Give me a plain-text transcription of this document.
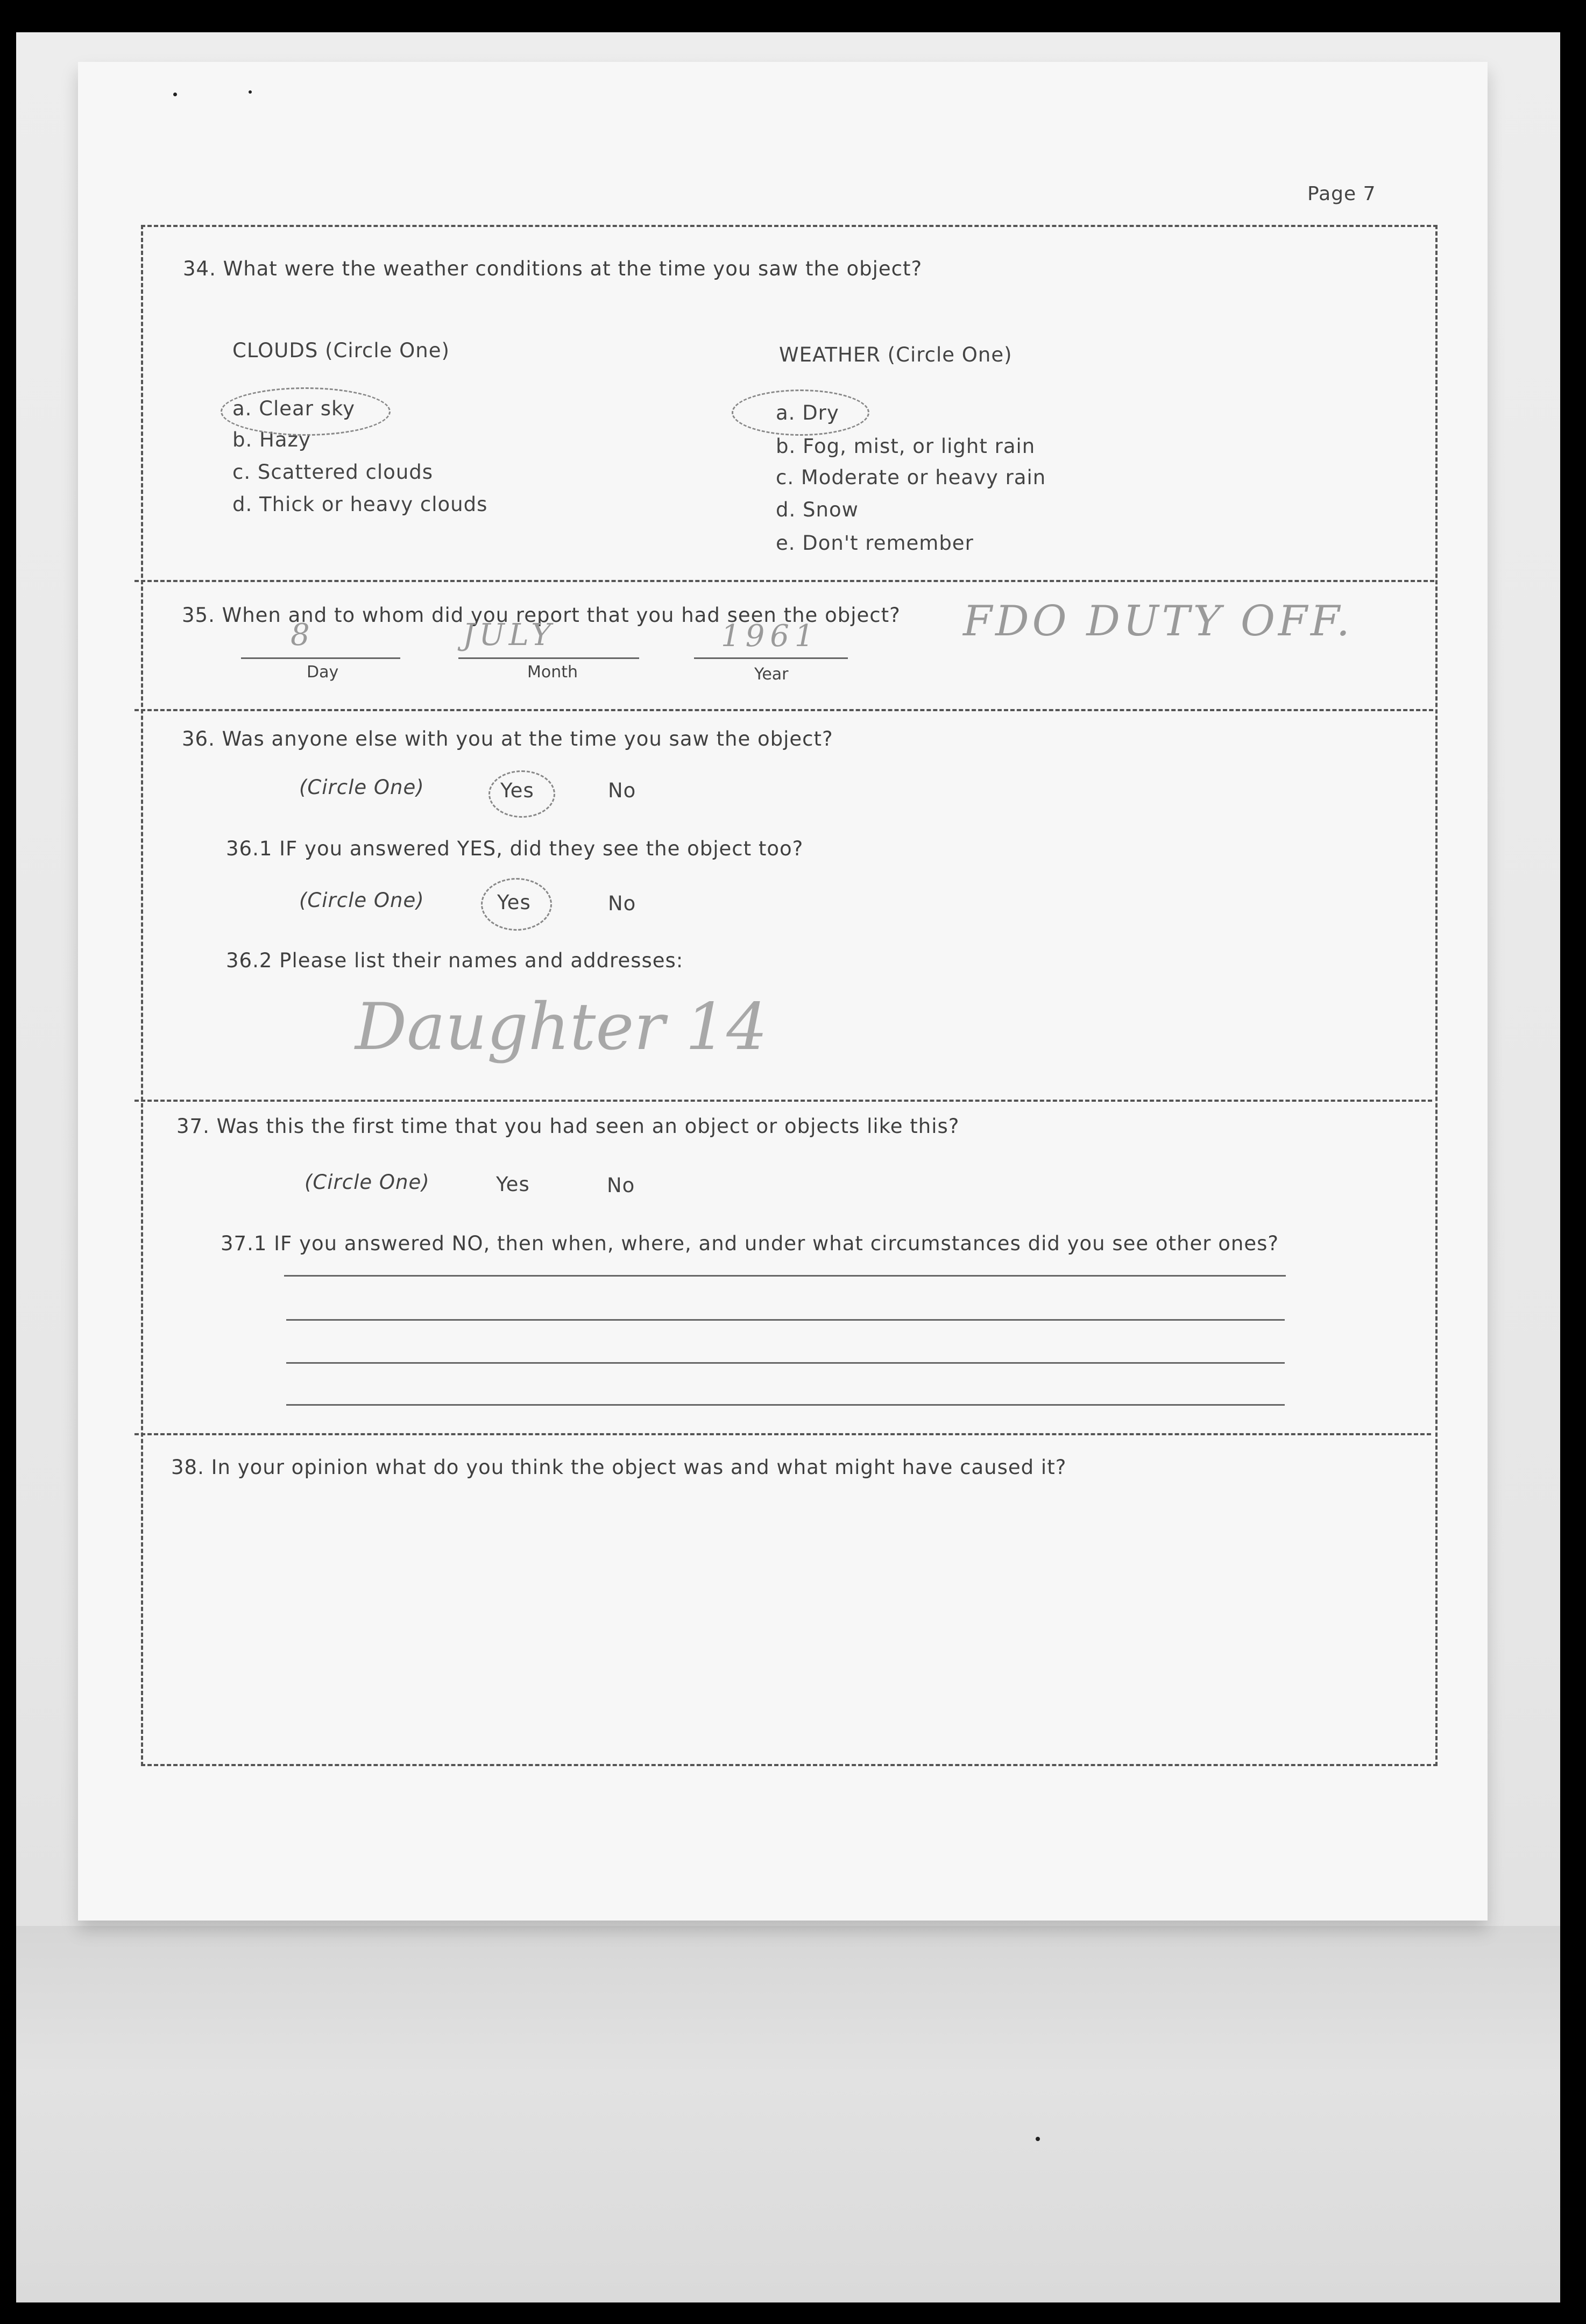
Page 7
34. What were the weather conditions at the time you saw the object?
CLOUDS (Circle One)
a. Clear sky
b. Hazy
c. Scattered clouds
d. Thick or heavy clouds
WEATHER (Circle One)
a. Dry
b. Fog, mist, or light rain
c. Moderate or heavy rain
d. Snow
e. Don't remember
35. When and to whom did you report that you had seen the object?
8	JULY	1961	FDO DUTY OFF.
Day	Month	Year
36. Was anyone else with you at the time you saw the object?
(Circle One)	Yes	No
36.1 IF you answered YES, did they see the object too?
(Circle One)	Yes	No
36.2 Please list their names and addresses:
Daughter 14
37. Was this the first time that you had seen an object or objects like this?
(Circle One)	Yes	No
37.1 IF you answered NO, then when, where, and under what circumstances did you see other ones?
38. In your opinion what do you think the object was and what might have caused it?
